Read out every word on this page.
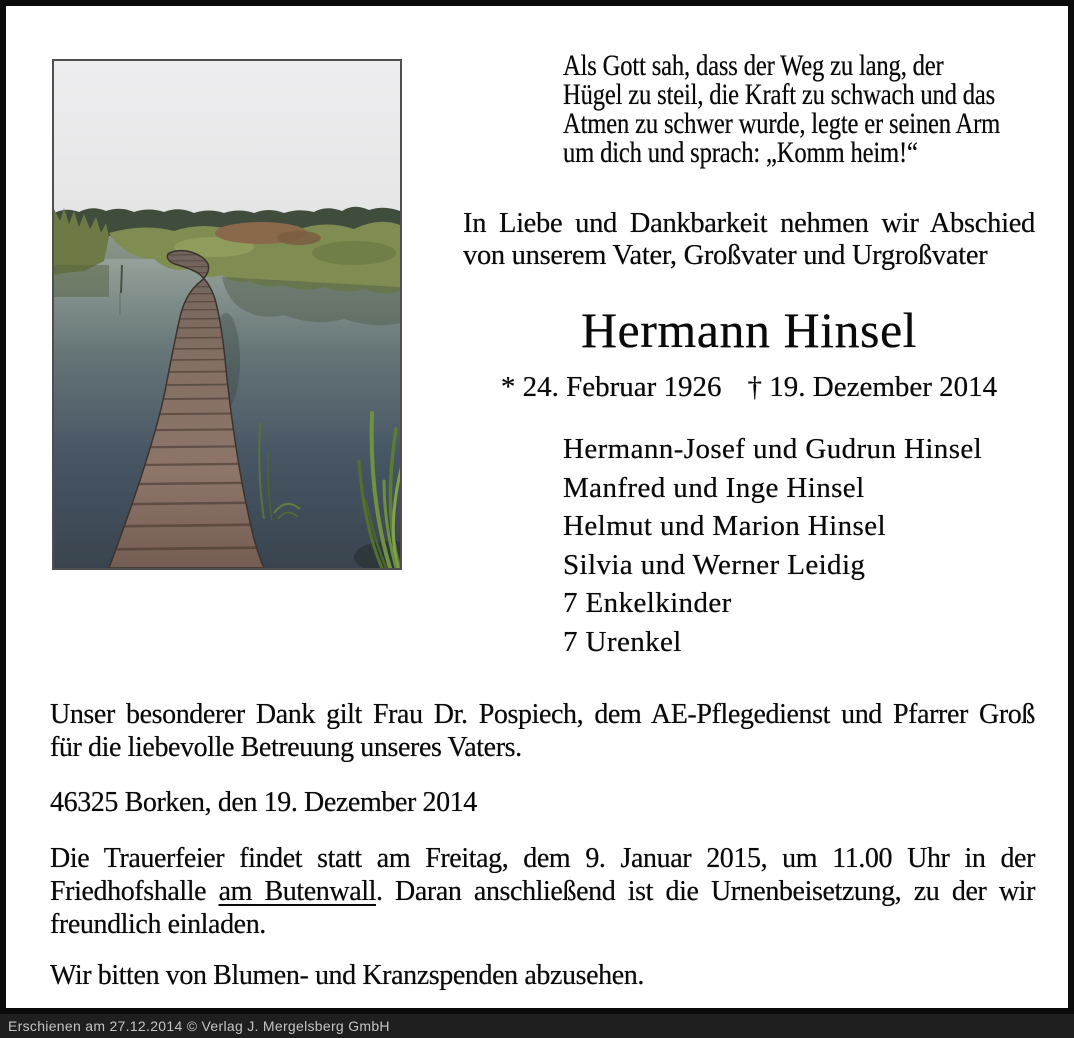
Als Gott sah, dass der Weg zu lang, der
Hügel zu steil, die Kraft zu schwach und das
Atmen zu schwer wurde, legte er seinen Arm
um dich und sprach: „Komm heim!“
In Liebe und Dankbarkeit nehmen wir Abschied
von unserem Vater, Großvater und Urgroßvater
Hermann Hinsel
* 24. Februar 1926 † 19. Dezember 2014
Hermann-Josef und Gudrun Hinsel
Manfred und Inge Hinsel
Helmut und Marion Hinsel
Silvia und Werner Leidig
7 Enkelkinder
7 Urenkel
Unser besonderer Dank gilt Frau Dr. Pospiech, dem AE-Pflegedienst und Pfarrer Groß
für die liebevolle Betreuung unseres Vaters.
46325 Borken, den 19. Dezember 2014
Die Trauerfeier findet statt am Freitag, dem 9. Januar 2015, um 11.00 Uhr in der
Friedhofshalle am Butenwall. Daran anschließend ist die Urnenbeisetzung, zu der wir
freundlich einladen.
Wir bitten von Blumen- und Kranzspenden abzusehen.
Erschienen am 27.12.2014 © Verlag J. Mergelsberg GmbH
